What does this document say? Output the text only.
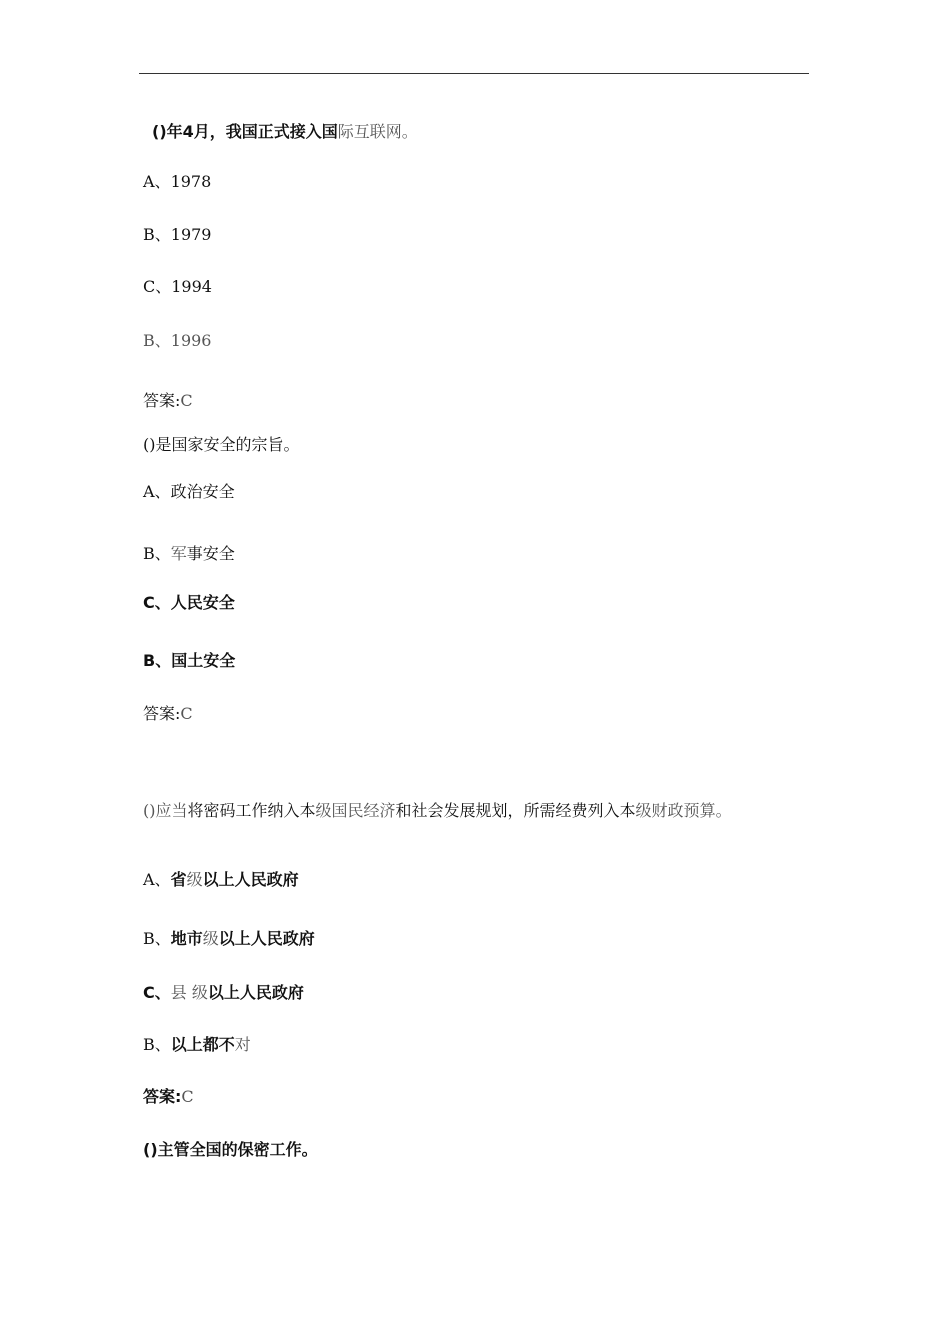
()年4月，我国正式接入国际互联网。
A、1978
B、1979
C、1994
B、1996
答案:C
()是国家安全的宗旨。
A、政治安全
B、军事安全
C、人民安全
B、国土安全
答案:C
()应当将密码工作纳入本级国民经济和社会发展规划，所需经费列入本级财政预算。
A、省级以上人民政府
B、地市级以上人民政府
C、县 级以上人民政府
B、以上都不对
答案:C
()主管全国的保密工作。
